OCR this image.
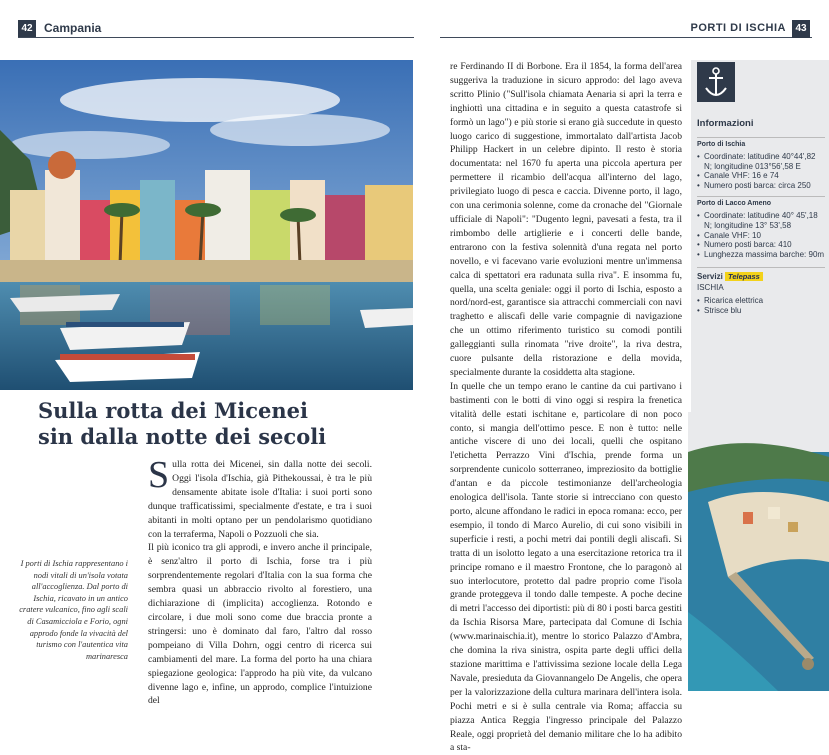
42 Campania	PORTI DI ISCHIA 43
Sulla rotta dei Micenei
sin dalla notte dei secoli
I porti di Ischia rappresentano i nodi vitali di un'isola votata all'accoglienza. Dal porto di Ischia, ricavato in un antico cratere vulcanico, fino agli scali di Casamicciola e Forio, ogni approdo fonde la vivacità del turismo con l'autentica vita marinaresca

Sulla rotta dei Micenei, sin dalla notte dei secoli. Oggi l'isola d'Ischia, già Pithekoussai, è tra le più densamente abitate isole d'Italia: i suoi porti sono dunque trafficatissimi, specialmente d'estate, e tra i suoi abitanti in molti optano per un pendolarismo quotidiano con la terraferma, Napoli o Pozzuoli che sia.

Il più iconico tra gli approdi, e invero anche il principale, è senz'altro il porto di Ischia, forse tra i più sorprendentemente regolari d'Italia con la sua forma che sembra quasi un abbraccio rivolto al forestiero, una dichiarazione di (implicita) accoglienza. Rotondo e circolare, i due moli sono come due braccia pronte a stringersi: uno è dominato dal faro, l'altro dal rosso pompeiano di Villa Dohrn, oggi centro di ricerca sui cambiamenti del mare. La forma del porto ha una chiara spiegazione geologica: l'approdo ha più vite, da vulcano divenne lago e, infine, un approdo, complice l'intuizione del

re Ferdinando II di Borbone. Era il 1854, la forma dell'area suggeriva la traduzione in sicuro approdo: del lago aveva scritto Plinio ("Sull'isola chiamata Aenaria si aprì la terra e inghiottì una cittadina e in seguito a questa catastrofe si formò un lago") e più storie si erano già succedute in questo luogo carico di suggestione, immortalato dall'artista Jacob Philipp Hackert in un celebre dipinto. Il resto è storia documentata: nel 1670 fu aperta una piccola apertura per permettere il ricambio dell'acqua all'interno del lago, privilegiato luogo di pesca e caccia. Divenne porto, il lago, con una cerimonia solenne, come da cronache del "Giornale ufficiale di Napoli": "Dugento legni, pavesati a festa, tra il rimbombo delle artiglierie e i concerti delle bande, entrarono con la festiva solennità d'una regata nel porto novello, e vi facevano varie evoluzioni mentre un'immensa calca di spettatori era radunata sulla riva". E insomma fu, quella, una scelta geniale: oggi il porto di Ischia, esposto a nord/nord-est, garantisce sia attracchi commerciali con navi traghetto e aliscafi delle varie compagnie di navigazione che un ottimo riferimento turistico su comodi pontili galleggianti sulla rinomata "rive droite", la riva destra, cuore pulsante della ristorazione e della movida, specialmente durante la cosiddetta alta stagione.

In quelle che un tempo erano le cantine da cui partivano i bastimenti con le botti di vino oggi si respira la frenetica vitalità delle estati ischitane e, particolare di non poco conto, si mangia dell'ottimo pesce. E non è tutto: nelle antiche viscere di uno dei locali, quelli che ospitano l'etichetta Perrazzo Vini d'Ischia, prende forma un sorprendente cunicolo sotterraneo, impreziosito da bottiglie d'antan e da piccole testimonianze dell'archeologia enologica dell'isola. Tante storie si intrecciano con questo porto, alcune affondano le radici in epoca romana: ecco, per esempio, il tondo di Marco Aurelio, di cui sono visibili in superficie i resti, a pochi metri dai pontili degli aliscafi. Si tratta di un isolotto legato a una esercitazione retorica tra il principe romano e il maestro Frontone, che lo paragonò al suo interlocutore, protetto dal padre proprio come l'isola grande proteggeva il tondo dalle tempeste. A poche decine di metri l'accesso dei diportisti: più di 80 i posti barca gestiti da Ischia Risorsa Mare, partecipata dal Comune di Ischia (www.marinaischia.it), mentre lo storico Palazzo d'Ambra, che domina la riva sinistra, ospita parte degli uffici della stazione marittima e l'attivissima sezione locale della Lega Navale, presieduta da Giovannangelo De Angelis, che opera per la valorizzazione della cultura marinara dell'intera isola. Pochi metri e si è sulla centrale via Roma; affaccia su piazza Antica Reggia l'ingresso principale del Palazzo Reale, oggi proprietà del demanio militare che lo ha adibito a sta-

Informazioni
Porto di Ischia
• Coordinate: latitudine 40°44',82 N; longitudine 013°56',58 E
• Canale VHF: 16 e 74
• Numero posti barca: circa 250
Porto di Lacco Ameno
• Coordinate: latitudine 40° 45',18 N; longitudine 13° 53',58
• Canale VHF: 10
• Numero posti barca: 410
• Lunghezza massima barche: 90m
Servizi Telepass
ISCHIA
• Ricarica elettrica
• Strisce blu
